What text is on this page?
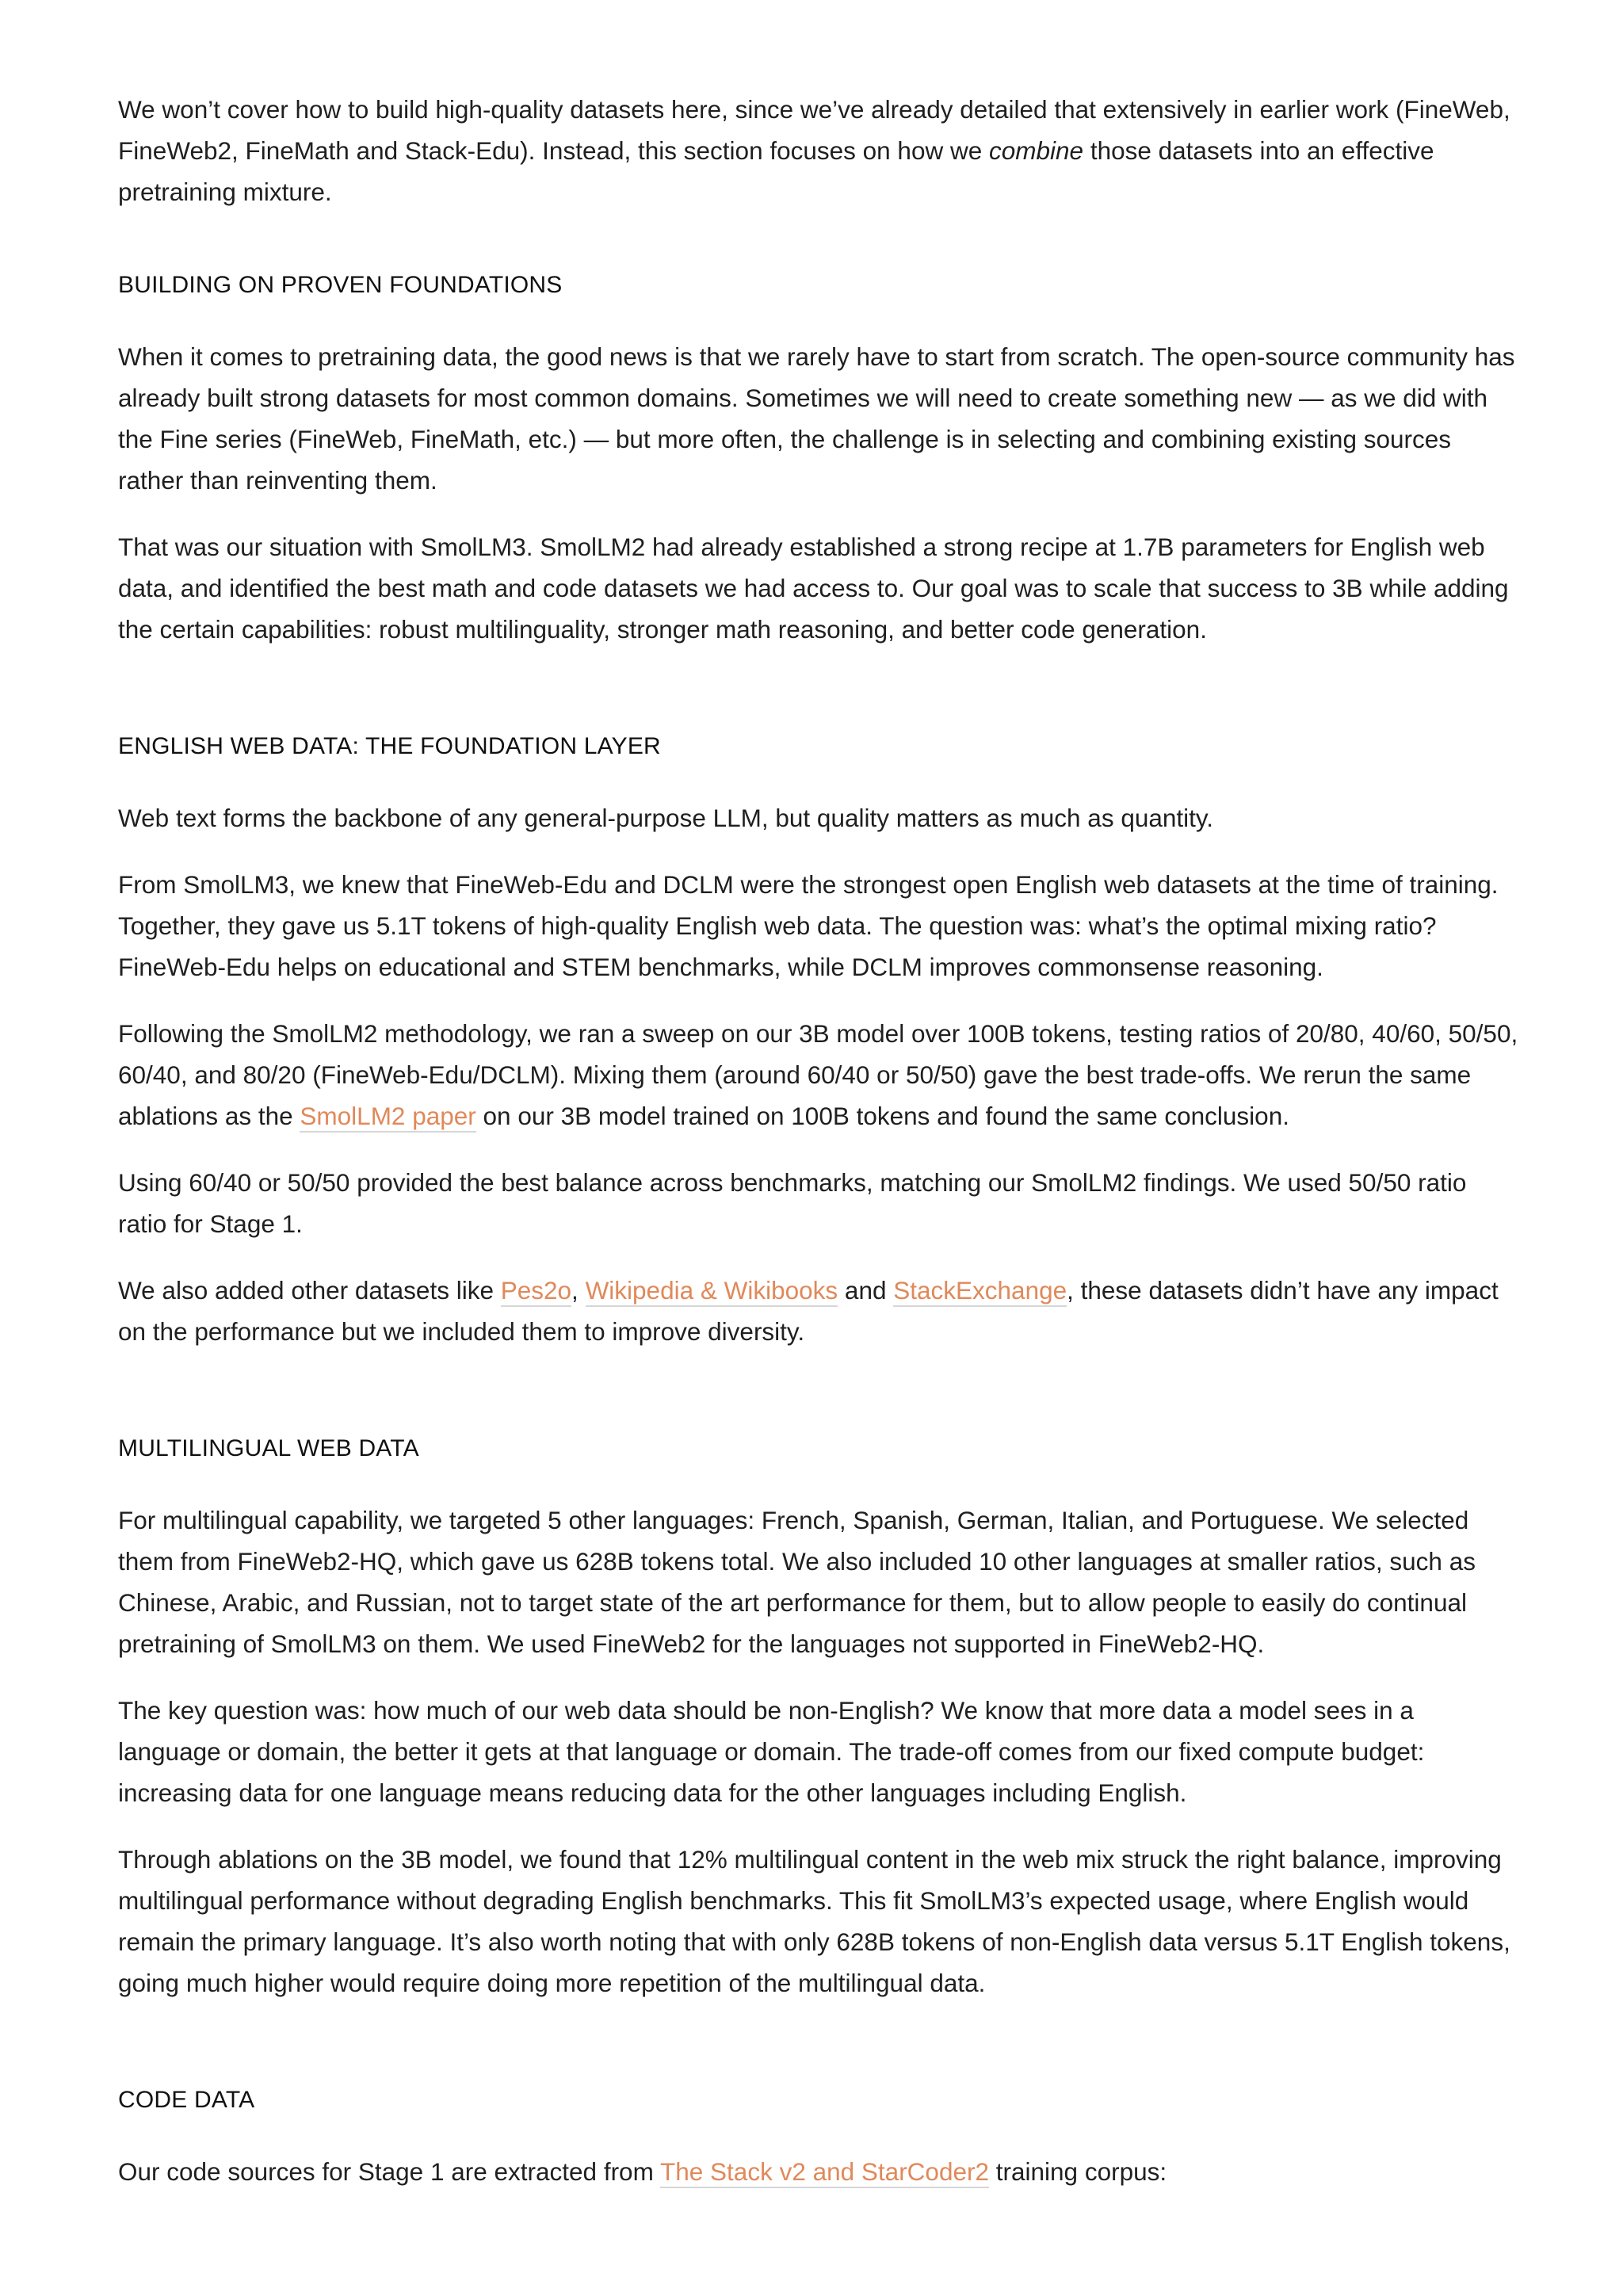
We won’t cover how to build high-quality datasets here, since we’ve already detailed that extensively in earlier work (FineWeb, FineWeb2, FineMath and Stack-Edu). Instead, this section focuses on how we combine those datasets into an effective pretraining mixture.

BUILDING ON PROVEN FOUNDATIONS

When it comes to pretraining data, the good news is that we rarely have to start from scratch. The open-source community has already built strong datasets for most common domains. Sometimes we will need to create something new — as we did with the Fine series (FineWeb, FineMath, etc.) — but more often, the challenge is in selecting and combining existing sources rather than reinventing them.

That was our situation with SmolLM3. SmolLM2 had already established a strong recipe at 1.7B parameters for English web data, and identified the best math and code datasets we had access to. Our goal was to scale that success to 3B while adding the certain capabilities: robust multilinguality, stronger math reasoning, and better code generation.

ENGLISH WEB DATA: THE FOUNDATION LAYER

Web text forms the backbone of any general-purpose LLM, but quality matters as much as quantity.

From SmolLM3, we knew that FineWeb-Edu and DCLM were the strongest open English web datasets at the time of training. Together, they gave us 5.1T tokens of high-quality English web data. The question was: what’s the optimal mixing ratio? FineWeb-Edu helps on educational and STEM benchmarks, while DCLM improves commonsense reasoning.

Following the SmolLM2 methodology, we ran a sweep on our 3B model over 100B tokens, testing ratios of 20/80, 40/60, 50/50, 60/40, and 80/20 (FineWeb-Edu/DCLM). Mixing them (around 60/40 or 50/50) gave the best trade-offs. We rerun the same ablations as the SmolLM2 paper on our 3B model trained on 100B tokens and found the same conclusion.

Using 60/40 or 50/50 provided the best balance across benchmarks, matching our SmolLM2 findings. We used 50/50 ratio ratio for Stage 1.

We also added other datasets like Pes2o, Wikipedia & Wikibooks and StackExchange, these datasets didn’t have any impact on the performance but we included them to improve diversity.

MULTILINGUAL WEB DATA

For multilingual capability, we targeted 5 other languages: French, Spanish, German, Italian, and Portuguese. We selected them from FineWeb2-HQ, which gave us 628B tokens total. We also included 10 other languages at smaller ratios, such as Chinese, Arabic, and Russian, not to target state of the art performance for them, but to allow people to easily do continual pretraining of SmolLM3 on them. We used FineWeb2 for the languages not supported in FineWeb2-HQ.

The key question was: how much of our web data should be non-English? We know that more data a model sees in a language or domain, the better it gets at that language or domain. The trade-off comes from our fixed compute budget: increasing data for one language means reducing data for the other languages including English.

Through ablations on the 3B model, we found that 12% multilingual content in the web mix struck the right balance, improving multilingual performance without degrading English benchmarks. This fit SmolLM3’s expected usage, where English would remain the primary language. It’s also worth noting that with only 628B tokens of non-English data versus 5.1T English tokens, going much higher would require doing more repetition of the multilingual data.

CODE DATA

Our code sources for Stage 1 are extracted from The Stack v2 and StarCoder2 training corpus:
